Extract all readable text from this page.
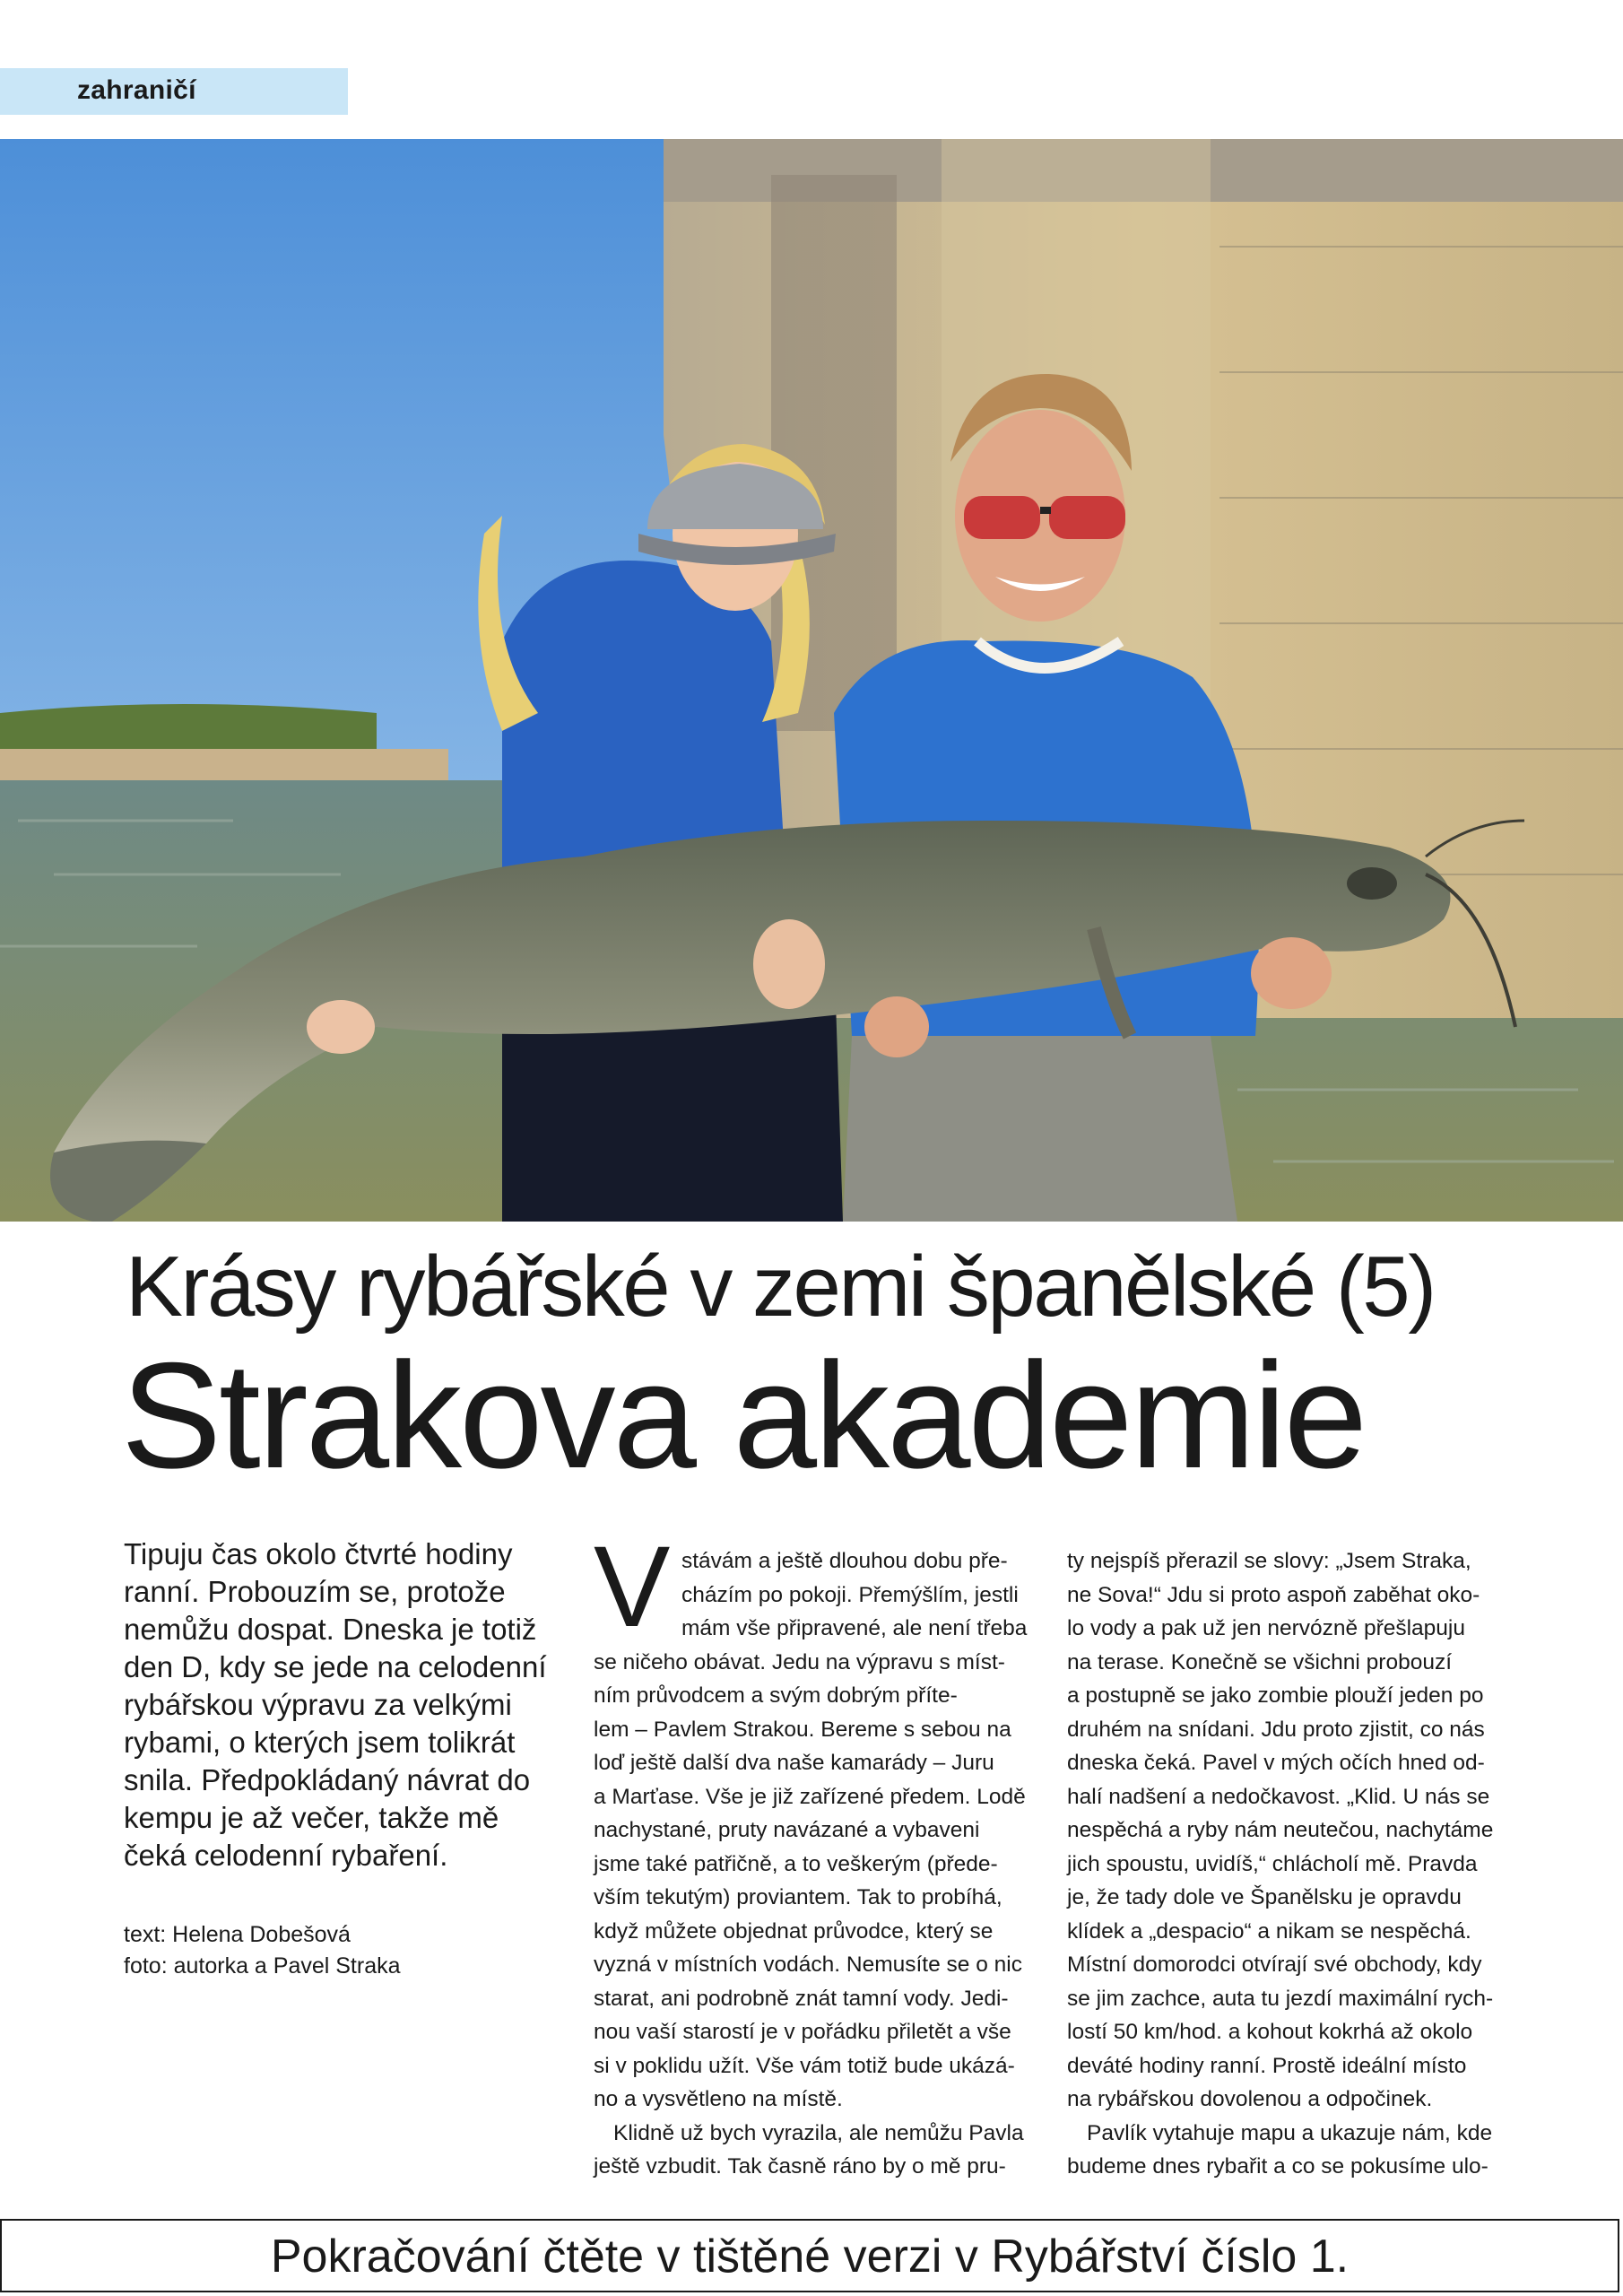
zahraničí
Krásy rybářské v zemi španělské (5)
Strakova akademie
Tipuju čas okolo čtvrté hodiny ranní. Probouzím se, protože nemůžu dospat. Dneska je totiž den D, kdy se jede na celodenní rybářskou výpravu za velkými rybami, o kterých jsem tolikrát snila. Předpokládaný návrat do kempu je až večer, takže mě čeká celodenní rybaření.
text: Helena Dobešová
foto: autorka a Pavel Straka
V stávám a ještě dlouhou dobu pře-
cházím po pokoji. Přemýšlím, jestli
mám vše připravené, ale není třeba
se ničeho obávat. Jedu na výpravu s míst-
ním průvodcem a svým dobrým příte-
lem – Pavlem Strakou. Bereme s sebou na
loď ještě další dva naše kamarády – Juru
a Marťase. Vše je již zařízené předem. Lodě
nachystané, pruty navázané a vybaveni
jsme také patřičně, a to veškerým (přede-
vším tekutým) proviantem. Tak to probíhá,
když můžete objednat průvodce, který se
vyzná v místních vodách. Nemusíte se o nic
starat, ani podrobně znát tamní vody. Jedi-
nou vaší starostí je v pořádku přiletět a vše
si v poklidu užít. Vše vám totiž bude ukázá-
no a vysvětleno na místě.
Klidně už bych vyrazila, ale nemůžu Pavla
ještě vzbudit. Tak časně ráno by o mě pru-
ty nejspíš přerazil se slovy: „Jsem Straka,
ne Sova!“ Jdu si proto aspoň zaběhat oko-
lo vody a pak už jen nervózně přešlapuju
na terase. Konečně se všichni probouzí
a postupně se jako zombie plouží jeden po
druhém na snídani. Jdu proto zjistit, co nás
dneska čeká. Pavel v mých očích hned od-
halí nadšení a nedočkavost. „Klid. U nás se
nespěchá a ryby nám neutečou, nachytáme
jich spoustu, uvidíš,“ chlácholí mě. Pravda
je, že tady dole ve Španělsku je opravdu
klídek a „despacio“ a nikam se nespěchá.
Místní domorodci otvírají své obchody, kdy
se jim zachce, auta tu jezdí maximální rych-
lostí 50 km/hod. a kohout kokrhá až okolo
deváté hodiny ranní. Prostě ideální místo
na rybářskou dovolenou a odpočinek.
Pavlík vytahuje mapu a ukazuje nám, kde
budeme dnes rybařit a co se pokusíme ulo-
Pokračování čtěte v tištěné verzi v Rybářství číslo 1.
